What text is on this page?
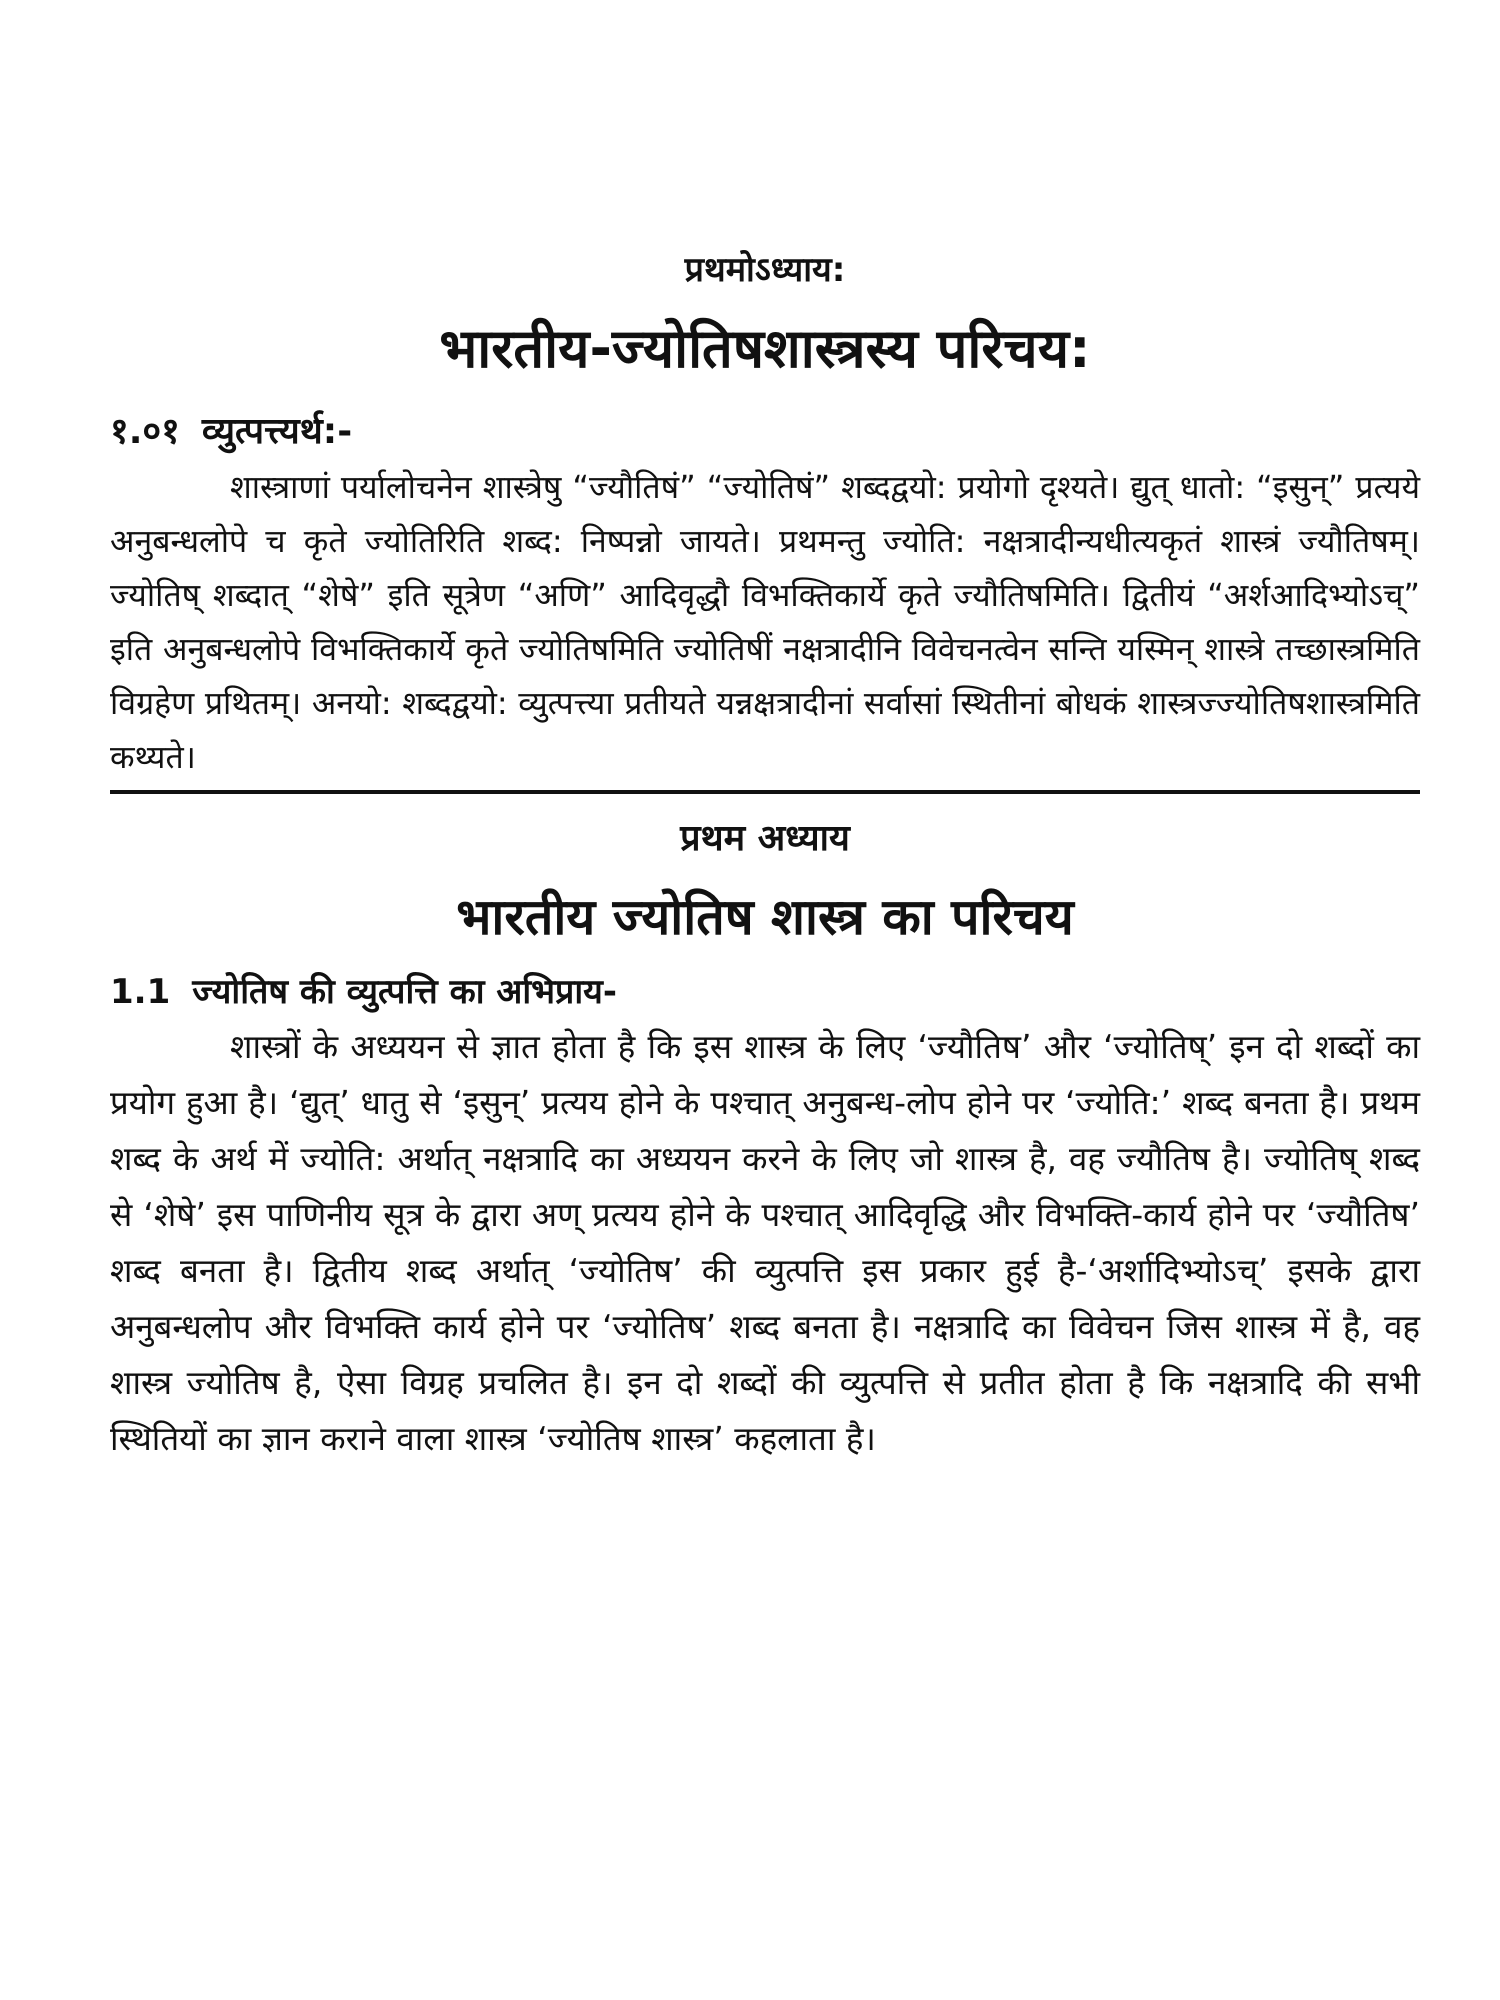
प्रथमोऽध्याय:

भारतीय-ज्योतिषशास्त्रस्य परिचय:
१.०१ व्युत्पत्त्यर्थ:-

शास्त्राणां पर्यालोचनेन शास्त्रेषु “ज्यौतिषं” “ज्योतिषं” शब्दद्वयो: प्रयोगो दृश्यते। द्युत् धातो: “इसुन्” प्रत्यये अनुबन्धलोपे च कृते ज्योतिरिति शब्द: निष्पन्नो जायते। प्रथमन्तु ज्योति: नक्षत्रादीन्यधीत्यकृतं शास्त्रं ज्यौतिषम्। ज्योतिष् शब्दात् “शेषे” इति सूत्रेण “अणि” आदिवृद्धौ विभक्तिकार्ये कृते ज्यौतिषमिति। द्वितीयं “अर्शआदिभ्योऽच्” इति अनुबन्धलोपे विभक्तिकार्ये कृते ज्योतिषमिति ज्योतिषीं नक्षत्रादीनि विवेचनत्वेन सन्ति यस्मिन् शास्त्रे तच्छास्त्रमिति विग्रहेण प्रथितम्। अनयो: शब्दद्वयो: व्युत्पत्त्या प्रतीयते यन्नक्षत्रादीनां सर्वासां स्थितीनां बोधकं शास्त्रज्ज्योतिषशास्त्रमिति कथ्यते।

प्रथम अध्याय

भारतीय ज्योतिष शास्त्र का परिचय
1.1 ज्योतिष की व्युत्पत्ति का अभिप्राय-

शास्त्रों के अध्ययन से ज्ञात होता है कि इस शास्त्र के लिए ‘ज्यौतिष’ और ‘ज्योतिष्’ इन दो शब्दों का प्रयोग हुआ है। ‘द्युत्’ धातु से ‘इसुन्’ प्रत्यय होने के पश्चात् अनुबन्ध-लोप होने पर ‘ज्योति:’ शब्द बनता है। प्रथम शब्द के अर्थ में ज्योति: अर्थात् नक्षत्रादि का अध्ययन करने के लिए जो शास्त्र है, वह ज्यौतिष है। ज्योतिष् शब्द से ‘शेषे’ इस पाणिनीय सूत्र के द्वारा अण् प्रत्यय होने के पश्चात् आदिवृद्धि और विभक्ति-कार्य होने पर ‘ज्यौतिष’ शब्द बनता है। द्वितीय शब्द अर्थात् ‘ज्योतिष’ की व्युत्पत्ति इस प्रकार हुई है-‘अर्शादिभ्योऽच्’ इसके द्वारा अनुबन्धलोप और विभक्ति कार्य होने पर ‘ज्योतिष’ शब्द बनता है। नक्षत्रादि का विवेचन जिस शास्त्र में है, वह शास्त्र ज्योतिष है, ऐसा विग्रह प्रचलित है। इन दो शब्दों की व्युत्पत्ति से प्रतीत होता है कि नक्षत्रादि की सभी स्थितियों का ज्ञान कराने वाला शास्त्र ‘ज्योतिष शास्त्र’ कहलाता है।
